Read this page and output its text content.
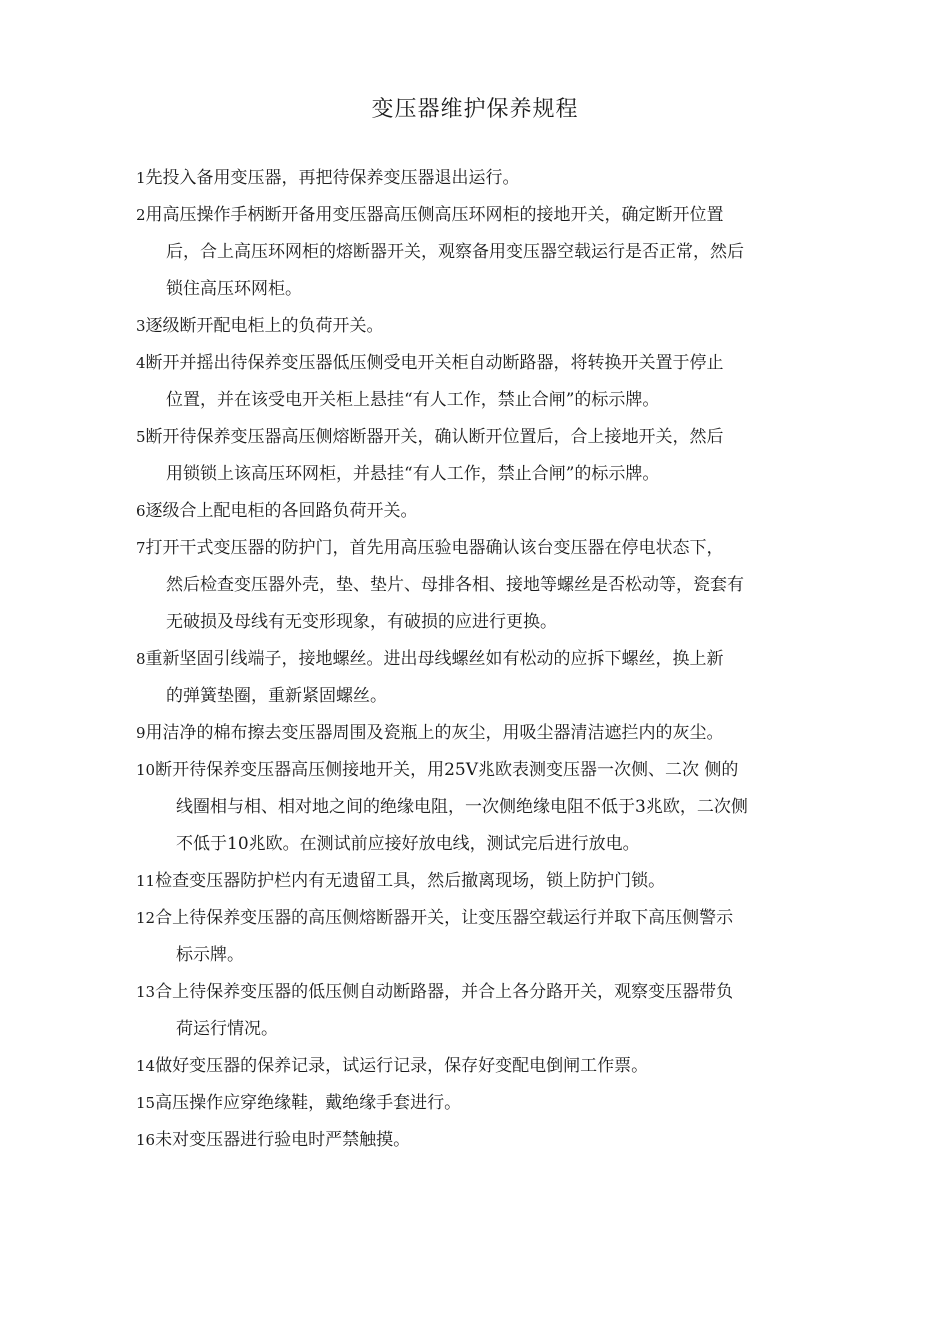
变压器维护保养规程
1先投入备用变压器，再把待保养变压器退出运行。
2用高压操作手柄断开备用变压器高压侧高压环网柜的接地开关，确定断开位置
后，合上高压环网柜的熔断器开关，观察备用变压器空载运行是否正常，然后
锁住高压环网柜。
3逐级断开配电柜上的负荷开关。
4断开并摇出待保养变压器低压侧受电开关柜自动断路器，将转换开关置于停止
位置，并在该受电开关柜上悬挂“有人工作，禁止合闸”的标示牌。
5断开待保养变压器高压侧熔断器开关，确认断开位置后，合上接地开关，然后
用锁锁上该高压环网柜，并悬挂“有人工作，禁止合闸”的标示牌。
6逐级合上配电柜的各回路负荷开关。
7打开干式变压器的防护门，首先用高压验电器确认该台变压器在停电状态下，
然后检查变压器外壳，垫、垫片、母排各相、接地等螺丝是否松动等，瓷套有
无破损及母线有无变形现象，有破损的应进行更换。
8重新坚固引线端子，接地螺丝。进出母线螺丝如有松动的应拆下螺丝，换上新
的弹簧垫圈，重新紧固螺丝。
9用洁净的棉布擦去变压器周围及瓷瓶上的灰尘，用吸尘器清洁遮拦内的灰尘。
10断开待保养变压器高压侧接地开关，用25V兆欧表测变压器一次侧、二次 侧的
线圈相与相、相对地之间的绝缘电阻，一次侧绝缘电阻不低于3兆欧，二次侧
不低于10兆欧。在测试前应接好放电线，测试完后进行放电。
11检查变压器防护栏内有无遗留工具，然后撤离现场，锁上防护门锁。
12合上待保养变压器的高压侧熔断器开关，让变压器空载运行并取下高压侧警示
标示牌。
13合上待保养变压器的低压侧自动断路器，并合上各分路开关，观察变压器带负
荷运行情况。
14做好变压器的保养记录，试运行记录，保存好变配电倒闸工作票。
15高压操作应穿绝缘鞋，戴绝缘手套进行。
16未对变压器进行验电时严禁触摸。
